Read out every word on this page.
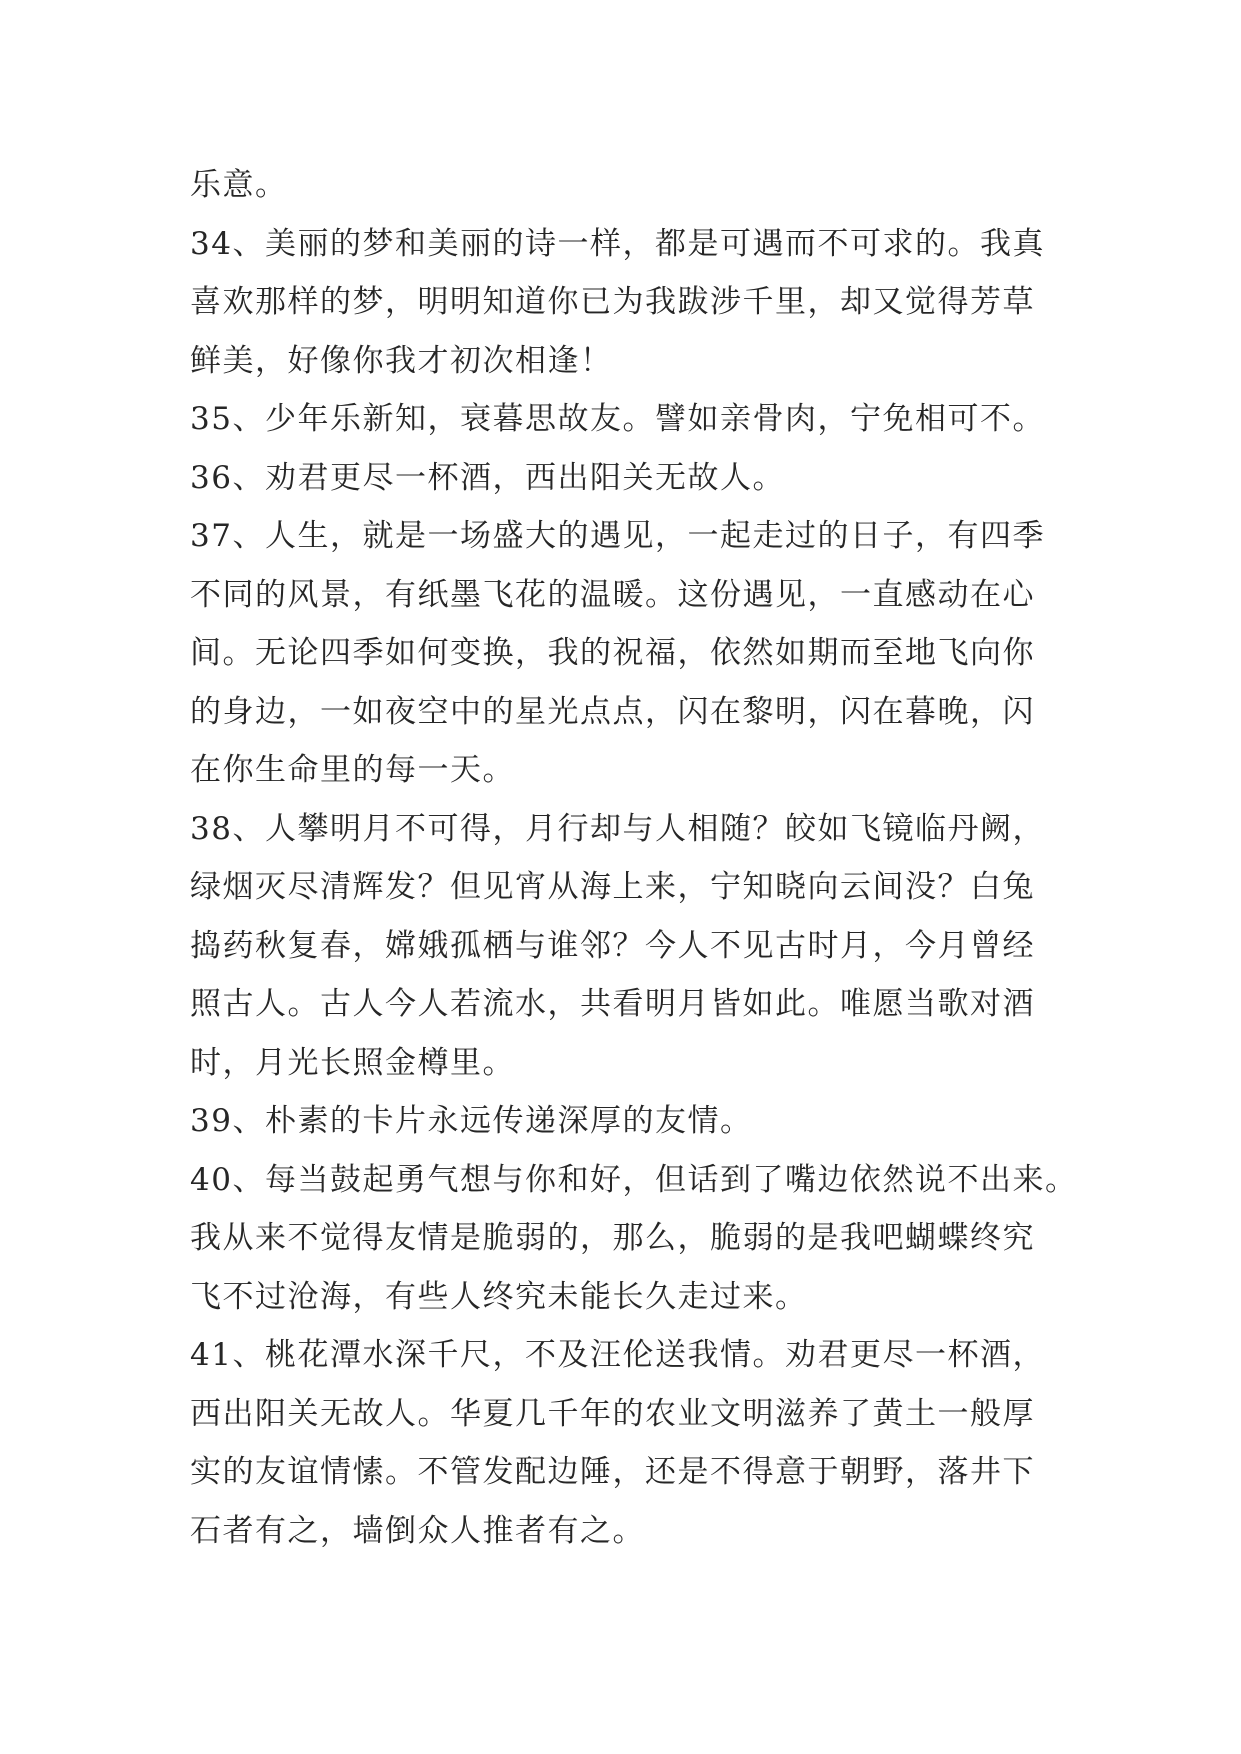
乐意。
34、美丽的梦和美丽的诗一样，都是可遇而不可求的。我真
喜欢那样的梦，明明知道你已为我跋涉千里，却又觉得芳草
鲜美，好像你我才初次相逢！
35、少年乐新知，衰暮思故友。譬如亲骨肉，宁免相可不。
36、劝君更尽一杯酒，西出阳关无故人。
37、人生，就是一场盛大的遇见，一起走过的日子，有四季
不同的风景，有纸墨飞花的温暖。这份遇见，一直感动在心
间。无论四季如何变换，我的祝福，依然如期而至地飞向你
的身边，一如夜空中的星光点点，闪在黎明，闪在暮晚，闪
在你生命里的每一天。
38、人攀明月不可得，月行却与人相随？皎如飞镜临丹阙，
绿烟灭尽清辉发？但见宵从海上来，宁知晓向云间没？白兔
捣药秋复春，嫦娥孤栖与谁邻？今人不见古时月，今月曾经
照古人。古人今人若流水，共看明月皆如此。唯愿当歌对酒
时，月光长照金樽里。
39、朴素的卡片永远传递深厚的友情。
40、每当鼓起勇气想与你和好，但话到了嘴边依然说不出来。
我从来不觉得友情是脆弱的，那么，脆弱的是我吧蝴蝶终究
飞不过沧海，有些人终究未能长久走过来。
41、桃花潭水深千尺，不及汪伦送我情。劝君更尽一杯酒，
西出阳关无故人。华夏几千年的农业文明滋养了黄土一般厚
实的友谊情愫。不管发配边陲，还是不得意于朝野，落井下
石者有之，墙倒众人推者有之。
